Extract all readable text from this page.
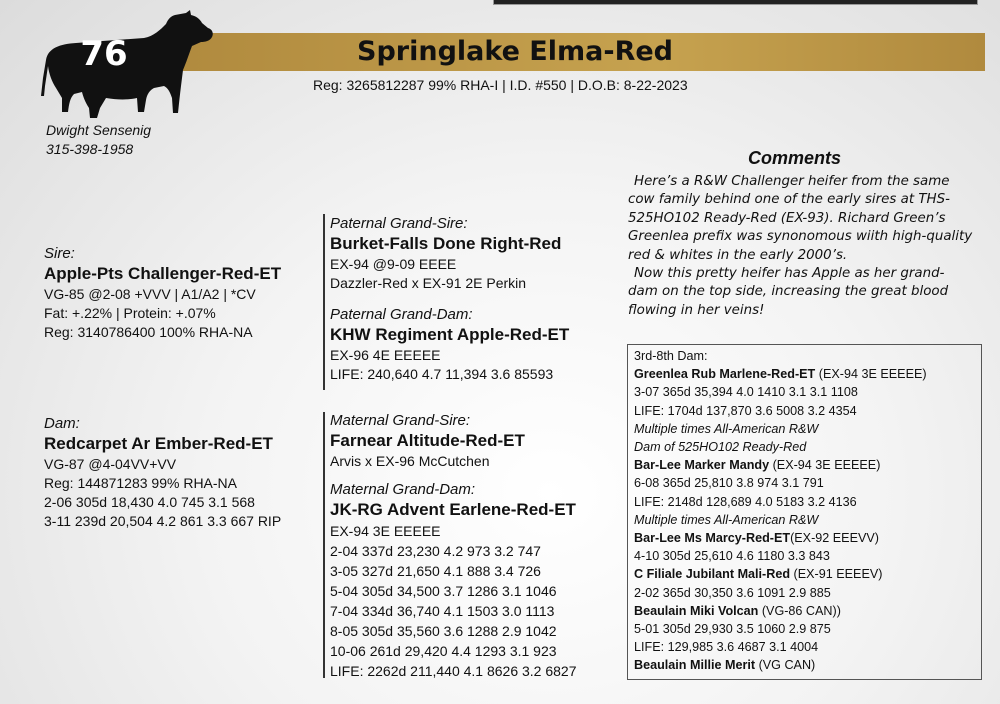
76	Springlake Elma-Red
Reg: 3265812287 99% RHA-I | I.D. #550 | D.O.B: 8-22-2023
Dwight Sensenig
315-398-1958
Sire:
Apple-Pts Challenger-Red-ET
VG-85 @2-08 +VVV | A1/A2 | *CV
Fat: +.22% | Protein: +.07%
Reg: 3140786400 100% RHA-NA
Dam:
Redcarpet Ar Ember-Red-ET
VG-87 @4-04VV+VV
Reg: 144871283 99% RHA-NA
2-06 305d 18,430 4.0 745 3.1 568
3-11 239d 20,504 4.2 861 3.3 667 RIP
Paternal Grand-Sire:
Burket-Falls Done Right-Red
EX-94 @9-09 EEEE
Dazzler-Red x EX-91 2E Perkin
Paternal Grand-Dam:
KHW Regiment Apple-Red-ET
EX-96 4E EEEEE
LIFE: 240,640 4.7 11,394 3.6 85593
Maternal Grand-Sire:
Farnear Altitude-Red-ET
Arvis x EX-96 McCutchen
Maternal Grand-Dam:
JK-RG Advent Earlene-Red-ET
EX-94 3E EEEEE
2-04 337d 23,230 4.2 973 3.2 747
3-05 327d 21,650 4.1 888 3.4 726
5-04 305d 34,500 3.7 1286 3.1 1046
7-04 334d 36,740 4.1 1503 3.0 1113
8-05 305d 35,560 3.6 1288 2.9 1042
10-06 261d 29,420 4.4 1293 3.1 923
LIFE: 2262d 211,440 4.1 8626 3.2 6827
Comments

Here’s a R&W Challenger heifer from the same cow family behind one of the early sires at THS- 525HO102 Ready-Red (EX-93). Richard Green’s Greenlea prefix was synonomous wiith high-quality red & whites in the early 2000’s.

Now this pretty heifer has Apple as her grand-dam on the top side, increasing the great blood flowing in her veins!

3rd-8th Dam:
Greenlea Rub Marlene-Red-ET (EX-94 3E EEEEE)
3-07 365d 35,394 4.0 1410 3.1 3.1 1108
LIFE: 1704d 137,870 3.6 5008 3.2 4354
Multiple times All-American R&W
Dam of 525HO102 Ready-Red
Bar-Lee Marker Mandy (EX-94 3E EEEEE)
6-08 365d 25,810 3.8 974 3.1 791
LIFE: 2148d 128,689 4.0 5183 3.2 4136
Multiple times All-American R&W
Bar-Lee Ms Marcy-Red-ET(EX-92 EEEVV)
4-10 305d 25,610 4.6 1180 3.3 843
C Filiale Jubilant Mali-Red (EX-91 EEEEV)
2-02 365d 30,350 3.6 1091 2.9 885
Beaulain Miki Volcan (VG-86 CAN))
5-01 305d 29,930 3.5 1060 2.9 875
LIFE: 129,985 3.6 4687 3.1 4004
Beaulain Millie Merit (VG CAN)
